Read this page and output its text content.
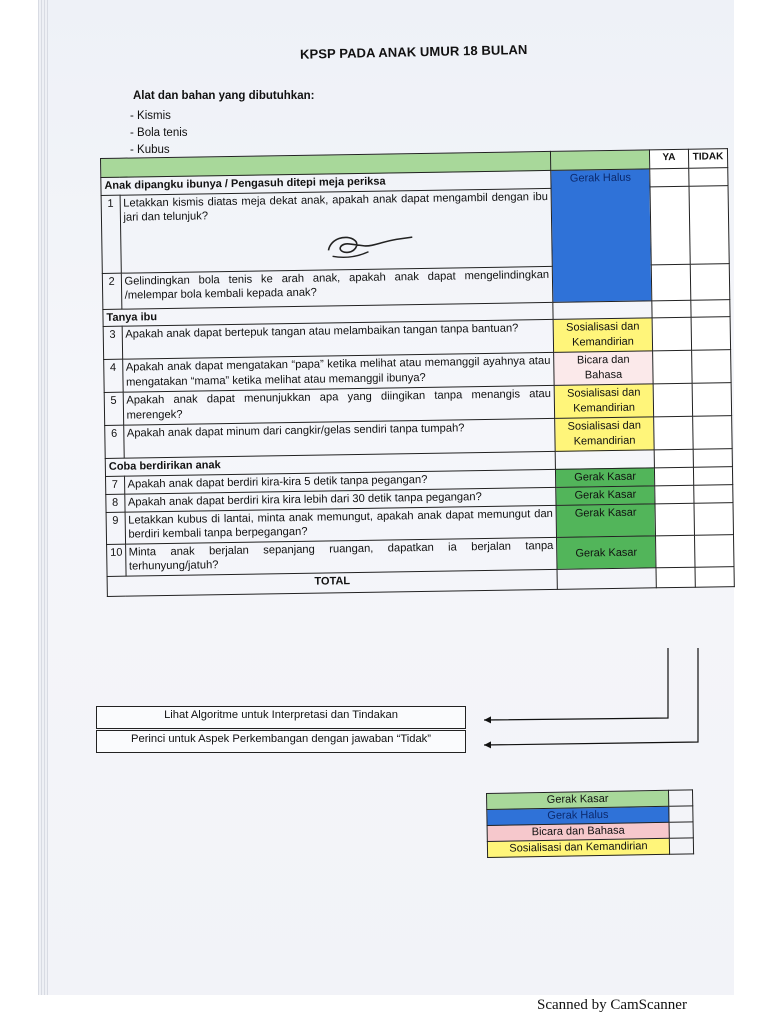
KPSP PADA ANAK UMUR 18 BULAN
Alat dan bahan yang dibutuhkan:
- Kismis
- Bola tenis
- Kubus
			YA	TIDAK
Anak dipangku ibunya / Pengasuh ditepi meja periksa		Gerak Halus		

1	Letakkan kismis diatas meja dekat anak, apakah anak dapat mengambil dengan ibu jari dan telunjuk?	

2	Gelindingkan bola tenis ke arah anak, apakah anak dapat mengelindingkan /melempar bola kembali kepada anak?			
Tanya ibu				
3	Apakah anak dapat bertepuk tangan atau melambaikan tangan tanpa bantuan?	Sosialisasi dan Kemandirian		

4	Apakah anak dapat mengatakan “papa” ketika melihat atau memanggil ayahnya atau mengatakan “mama” ketika melihat atau memanggil ibunya?	Bicara dan Bahasa		

5	Apakah anak dapat menunjukkan apa yang diingikan tanpa menangis atau merengek?	Sosialisasi dan Kemandirian		

6	Apakah anak dapat minum dari cangkir/gelas sendiri tanpa tumpah?	Sosialisasi dan Kemandirian		

Coba berdirikan anak				
7	Apakah anak dapat berdiri kira-kira 5 detik tanpa pegangan?	Gerak Kasar		

8	Apakah anak dapat berdiri kira kira lebih dari 30 detik tanpa pegangan?	Gerak Kasar		

9	Letakkan kubus di lantai, minta anak memungut, apakah anak dapat memungut dan berdiri kembali tanpa berpegangan?	Gerak Kasar		

10	Minta anak berjalan sepanjang ruangan, dapatkan ia berjalan tanpa terhunyung/jatuh?	Gerak Kasar		

TOTAL				
Lihat Algoritme untuk Interpretasi dan Tindakan
Perinci untuk Aspek Perkembangan dengan jawaban “Tidak”
Gerak Kasar	
Gerak Halus	
Bicara dan Bahasa	
Sosialisasi dan Kemandirian	
Scanned by CamScanner
